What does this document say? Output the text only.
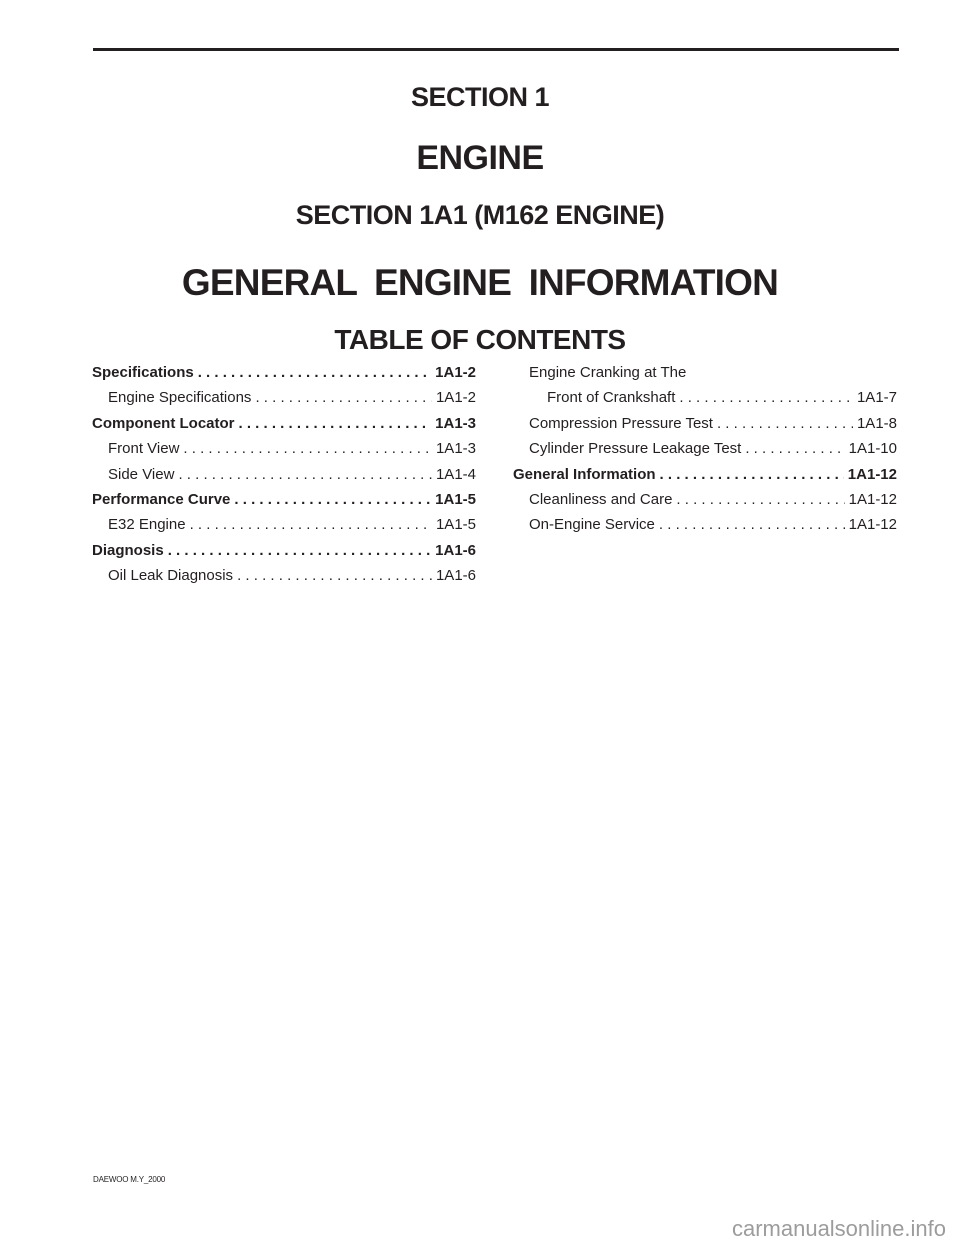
SECTION 1
ENGINE
SECTION 1A1 (M162 ENGINE)
GENERAL ENGINE INFORMATION
TABLE OF CONTENTS
Specifications . . .	1A1-2
Engine Specifications . . .	1A1-2
Component Locator . . .	1A1-3
Front View . . .	1A1-3
Side View . . .	1A1-4
Performance Curve . . .	1A1-5
E32 Engine . . .	1A1-5
Diagnosis . . .	1A1-6
Oil Leak Diagnosis . . .	1A1-6
Engine Cranking at The
Front of Crankshaft . . .	1A1-7
Compression Pressure Test . . .	1A1-8
Cylinder Pressure Leakage Test . . .	1A1-10
General Information . . .	1A1-12
Cleanliness and Care . . .	1A1-12
On-Engine Service . . .	1A1-12
DAEWOO M.Y_2000
carmanualsonline.info
